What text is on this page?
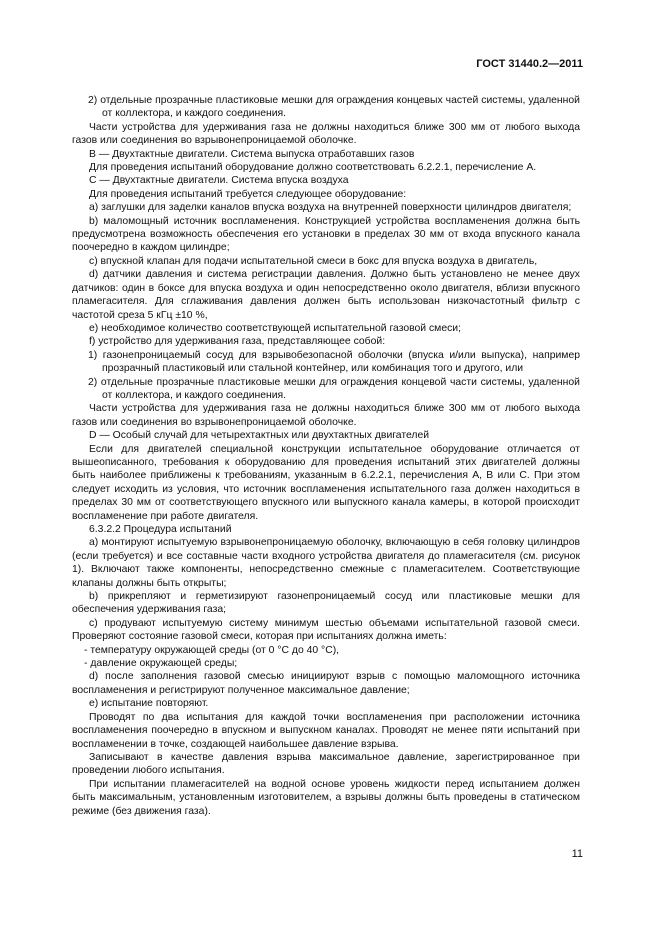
ГОСТ 31440.2—2011

2) отдельные прозрачные пластиковые мешки для ограждения концевых частей системы, удаленной от коллектора, и каждого соединения.

Части устройства для удерживания газа не должны находиться ближе 300 мм от любого выхода газов или соединения во взрывонепроницаемой оболочке.

В — Двухтактные двигатели. Система выпуска отработавших газов

Для проведения испытаний оборудование должно соответствовать 6.2.2.1, перечисление А.

С — Двухтактные двигатели. Система впуска воздуха

Для проведения испытаний требуется следующее оборудование:

a) заглушки для заделки каналов впуска воздуха на внутренней поверхности цилиндров двигателя;

b) маломощный источник воспламенения. Конструкцией устройства воспламенения должна быть предусмотрена возможность обеспечения его установки в пределах 30 мм от входа впускного канала поочередно в каждом цилиндре;

c) впускной клапан для подачи испытательной смеси в бокс для впуска воздуха в двигатель,

d) датчики давления и система регистрации давления. Должно быть установлено не менее двух датчиков: один в боксе для впуска воздуха и один непосредственно около двигателя, вблизи впускного пламегасителя. Для сглаживания давления должен быть использован низкочастотный фильтр с частотой среза 5 кГц ±10 %,

e) необходимое количество соответствующей испытательной газовой смеси;

f) устройство для удерживания газа, представляющее собой:

1) газонепроницаемый сосуд для взрывобезопасной оболочки (впуска и/или выпуска), например прозрачный пластиковый или стальной контейнер, или комбинация того и другого, или

2) отдельные прозрачные пластиковые мешки для ограждения концевой части системы, удаленной от коллектора, и каждого соединения.

Части устройства для удерживания газа не должны находиться ближе 300 мм от любого выхода газов или соединения во взрывонепроницаемой оболочке.

D — Особый случай для четырехтактных или двухтактных двигателей

Если для двигателей специальной конструкции испытательное оборудование отличается от вышеописанного, требования к оборудованию для проведения испытаний этих двигателей должны быть наиболее приближены к требованиям, указанным в 6.2.2.1, перечисления А, В или С. При этом следует исходить из условия, что источник воспламенения испытательного газа должен находиться в пределах 30 мм от соответствующего впускного или выпускного канала камеры, в которой происходит воспламенение при работе двигателя.

6.3.2.2 Процедура испытаний

a) монтируют испытуемую взрывонепроницаемую оболочку, включающую в себя головку цилиндров (если требуется) и все составные части входного устройства двигателя до пламегасителя (см. рисунок 1). Включают также компоненты, непосредственно смежные с пламегасителем. Соответствующие клапаны должны быть открыты;

b) прикрепляют и герметизируют газонепроницаемый сосуд или пластиковые мешки для обеспечения удерживания газа;

c) продувают испытуемую систему минимум шестью объемами испытательной газовой смеси. Проверяют состояние газовой смеси, которая при испытаниях должна иметь:

- температуру окружающей среды (от 0 °С до 40 °С),

- давление окружающей среды;

d) после заполнения газовой смесью инициируют взрыв с помощью маломощного источника воспламенения и регистрируют полученное максимальное давление;

e) испытание повторяют.

Проводят по два испытания для каждой точки воспламенения при расположении источника воспламенения поочередно в впускном и выпускном каналах. Проводят не менее пяти испытаний при воспламенении в точке, создающей наибольшее давление взрыва.

Записывают в качестве давления взрыва максимальное давление, зарегистрированное при проведении любого испытания.

При испытании пламегасителей на водной основе уровень жидкости перед испытанием должен быть максимальным, установленным изготовителем, а взрывы должны быть проведены в статическом режиме (без движения газа).

11
